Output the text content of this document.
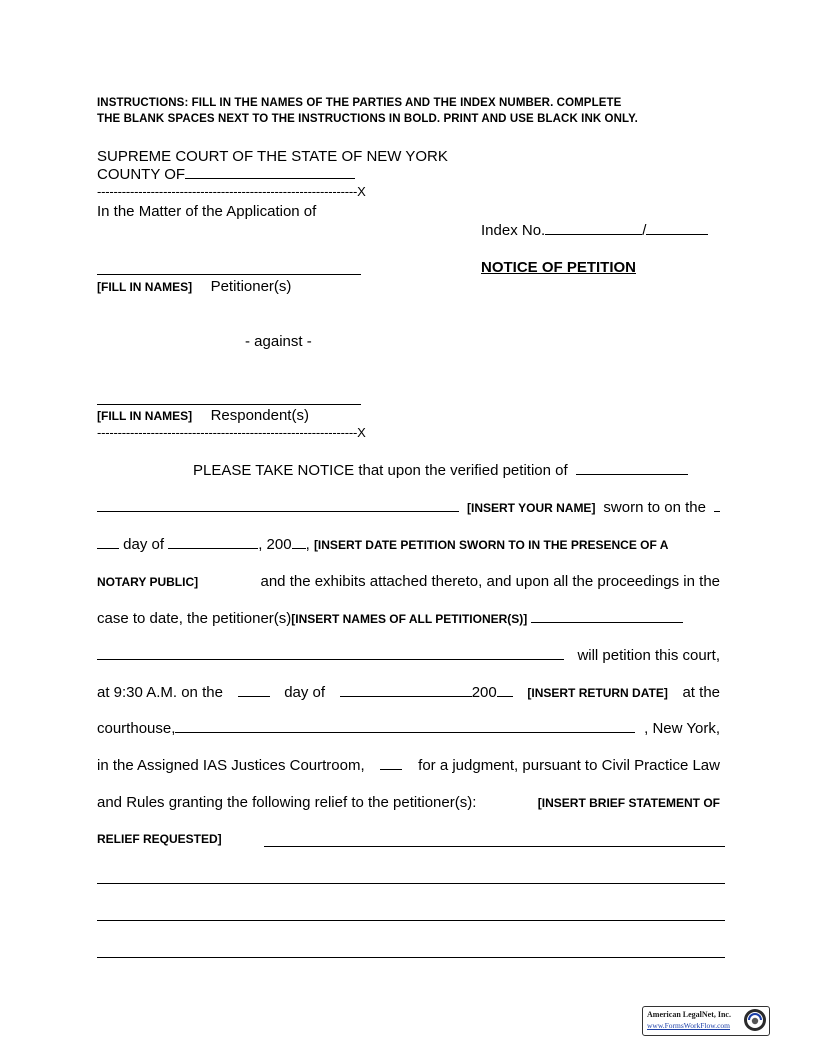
INSTRUCTIONS: FILL IN THE NAMES OF THE PARTIES AND THE INDEX NUMBER. COMPLETE
THE BLANK SPACES NEXT TO THE INSTRUCTIONS IN BOLD. PRINT AND USE BLACK INK ONLY.
SUPREME COURT OF THE STATE OF NEW YORK
COUNTY OF
---------------------------------------------------------------X
In the Matter of the Application of
Index No.	/
NOTICE OF PETITION
[FILL IN NAMES] Petitioner(s)
- against -
[FILL IN NAMES] Respondent(s)
---------------------------------------------------------------X
PLEASE TAKE NOTICE that upon the verified petition of
[INSERT YOUR NAME] sworn to on the
day of	, 200 , [INSERT DATE PETITION SWORN TO IN THE PRESENCE OF A
NOTARY PUBLIC]	and the exhibits attached thereto, and upon all the proceedings in the
case to date, the petitioner(s)[INSERT NAMES OF ALL PETITIONER(S)]
will petition this court,
at 9:30 A.M. on the	day of	200	[INSERT RETURN DATE] at the
courthouse,	, New York,
in the Assigned IAS Justices Courtroom,	for a judgment, pursuant to Civil Practice Law
and Rules granting the following relief to the petitioner(s):	[INSERT BRIEF STATEMENT OF
RELIEF REQUESTED]
American LegalNet, Inc.
www.FormsWorkFlow.com
